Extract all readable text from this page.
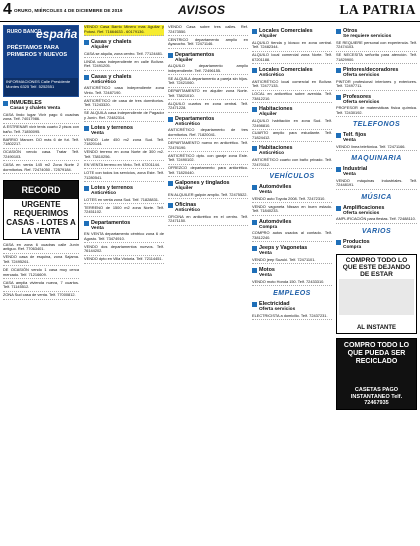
4 ORURO, MIÉRCOLES 4 DE DICIEMBRE DE 2019	AVISOS	LA PATRIA
RURO BANCO
españa
PRÉSTAMOS PARA PRIMEROS Y NUEVOS
INFORMACIONES Calle Presidente Montes 6325 Telf. 5252551
INMUEBLES
Casas y chalets Venta
CASA lindo lugar Vivir pago 6 cuadras zona. Telf. 74017986.
A ESTRENAR vivir tenis cuarto 2 pisos con baño. Telf. 71850095.
BARRIO Mancer. DO más 6 de fut. Telf. 71802217.
OCASIÓN vendo casa. Tratar Telf. 72490103.
CASA en venta 145 m2 Zona Norte 2 dormitorios. Ref. 72474050 - 72579184.
RECORD
URGENTE REQUERIMOS CASAS - LOTES A LA VENTA
CASA en zona 6 cuadras calle Junín antiguo. Ref. 77063401.
VENDO casa de esquina, zona Sajama. Telf. 72495261.
DE OCASIÓN vendo 1 casa muy cerca mercado. Telf. 71216609.
CASA amplia vivienda nueva, 7 cuartos. Telf. 71145512.
ZONA Sud casa de venta. Telf. 77000812.
VENDO Casa Barrio Minero mas Aguilar y Potosí. Ref. 71664633 - 60179136.
Casas y chalets
Alquiler
CASA se alquila, zona centro. Telf. 77124481.
LINDA casa independiente en calle Bolívar. Ref. 72491205.
Casas y chalets
Anticrético
ANTICRÉTICO casa independiente zona Vinto. Telf. 72487190.
ANTICRÉTICO de casa de tres dormitorios. Telf. 71243320.
SE ALQUILA casa independiente de Pagador y Junín. Ref. 72482314.
Lotes y terrenos
Venta
VENDO Lote 450 m2 zona Sud. Telf. 71820144.
VENDO terreno en zona Norte de 300 m2. Telf. 73810256.
EN VENTA terreno en Vinto. Telf. 67201144.
LOTE con todos los servicios, zona Este. Telf. 71280541.
Lotes y terrenos
Anticrético
LOTES en venta zona Sud. Telf. 71828831.
TERRENO de 1500 m2 zona Norte. Telf. 72451102.
Departamentos
Venta
EN VENTA departamento céntrico zona 6 de Agosto. Telf. 73474910.
VENDO dos departamentos nuevos. Telf. 76144202.
VENDO dpto en Villa Victoria. Telf. 72114451.
VENDO Casa sobre tres calles. Ref. 72473550.
CENTRICO departamento amplio en Ayacucho. Telf. 72471146.
Departamentos
Alquiler
ALQUILO departamento amplio independiente. Telf. 72496155.
SE ALQUILA departamento a pareja sin hijos. Telf. 72421060.
DEPARTAMENTO en alquiler zona Norte. Telf. 73821010.
ALQUILO cuartos en zona central. Telf. 72471228.
Departamentos
Anticrético
ANTICRÉTICO departamento de tres dormitorios. Ref. 71820041.
DEPARTAMENTO nuevo en anticrético. Telf. 72476190.
ANTICRÉTICO dpto. con garaje zona Este. Telf. 72490102.
OFREZCO departamento para anticrético. Telf. 71820440.
Galpones y tinglados
Alquiler
EN ALQUILER galpón amplio. Telf. 72475522.
Oficinas
Anticrético
OFICINA en anticrético en el centro. Telf. 72471150.
Locales Comerciales
Alquiler
ALQUILO tienda y kiosco en zona central. Telf. 72482344.
ALQUILO local comercial zona Norte. Telf. 67201188.
Locales Comerciales
Anticrético
ANTICRÉTICO local comercial en Bolívar. Telf. 72477133.
LOCAL en anticrético sobre avenida. Telf. 73812210.
Habitaciones
Alquiler
ALQUILO habitación en zona Sud. Telf. 72498810.
CUARTO amplio para estudiante. Telf. 71824412.
Habitaciones
Anticrético
ANTICRÉTICO cuarto con baño privado. Telf. 72470112.
VEHÍCULOS
Automóviles
Venta
VENDO auto Toyota 2008. Telf. 72472310.
VENDO vagoneta Nissan en buen estado. Telf. 71840233.
Automóviles
Compra
COMPRO autos usados al contado. Telf. 73812240.
Jeeps y Vagonetas
Venta
VENDO jeep Suzuki. Telf. 72471101.
Motos
Venta
VENDO moto Honda 150. Telf. 72433310.
EMPLEOS
Electricidad
Oferta servicios
ELECTRICISTA a domicilio. Telf. 72437231.
Otros
Se requiere servicios
SE REQUIERE personal con experiencia. Telf. 72474103.
SE NECESITA señorita para atención. Telf. 71829900.
Pintores/decoradores
Oferta servicios
PINTOR profesional interiores y exteriores. Telf. 72497711.
Profesores
Oferta servicios
PROFESOR de matemáticas física química. Telf. 72430192.
TELEFONOS
Telf. fijos
Venta
VENDO línea telefónica. Telf. 72471166.
MAQUINARIA
Industrial
Venta
VENDO máquinas industriales. Telf. 72448191.
MÚSICA
Amplificaciones
Oferta servicios
AMPLIFICACIÓN para fiestas. Telf. 72488110.
VARIOS
Productos
Compra
COMPRO TODO LO QUE ESTE DEJANDO DE ESTAR
AL INSTANTE
COMPRO TODO LO QUE PUEDA SER RECICLADO
CASETAS PAGO INSTANTANEO Telf. 72467935
